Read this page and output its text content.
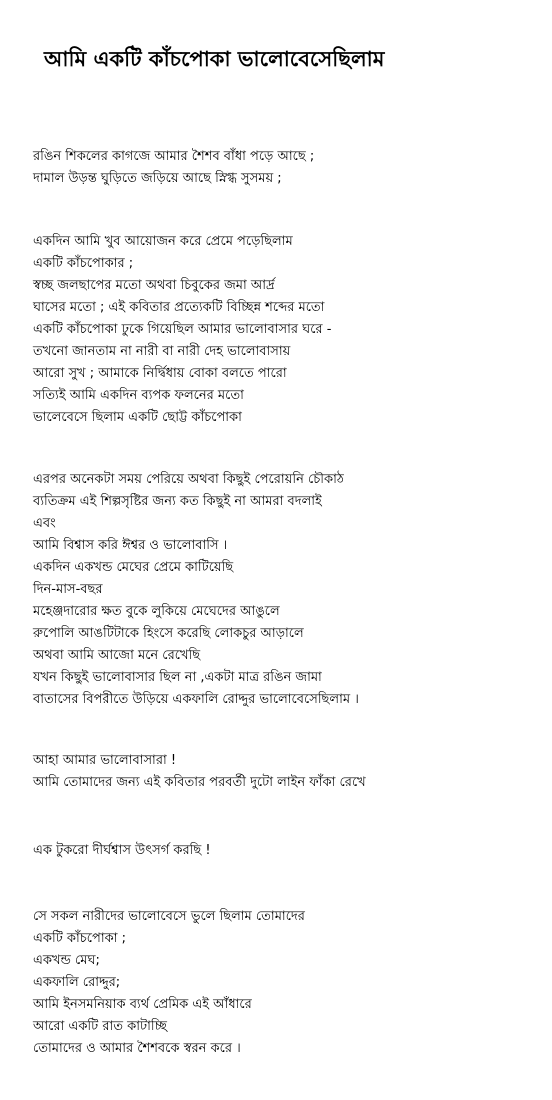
আমি একটি কাঁচপোকা ভালোবেসেছিলাম
রঙিন শিকলের কাগজে আমার শৈশব বাঁধা পড়ে আছে ;
দামাল উড়ন্ত ঘুড়িতে জড়িয়ে আছে স্নিগ্ধ সুসময় ;
একদিন আমি খুব আয়োজন করে প্রেমে পড়েছিলাম
একটি কাঁচপোকার ;
স্বচ্ছ জলছাপের মতো অথবা চিবুকের জমা আর্দ্র
ঘাসের মতো ; এই কবিতার প্রত্যেকটি বিচ্ছিন্ন শব্দের মতো
একটি কাঁচপোকা ঢুকে গিয়েছিল আমার ভালোবাসার ঘরে -
তখনো জানতাম না নারী বা নারী দেহ ভালোবাসায়
আরো সুখ ; আমাকে নির্দ্বিধায় বোকা বলতে পারো
সত্যিই আমি একদিন ব্যপক ফলনের মতো
ভালেবেসে ছিলাম একটি ছোট্ট কাঁচপোকা
এরপর অনেকটা সময় পেরিয়ে অথবা কিছুই পেরোয়নি চৌকাঠ
ব্যতিক্রম এই শিল্পসৃষ্টির জন্য কত কিছুই না আমরা বদলাই
এবং
আমি বিশ্বাস করি ঈশ্বর ও ভালোবাসি ।
একদিন একখন্ড মেঘের প্রেমে কাটিয়েছি
দিন-মাস-বছর
মহেঞ্জদারোর ক্ষত বুকে লুকিয়ে মেঘেদের আঙুলে
রুপোলি আঙটিটাকে হিংসে করেছি লোকচুর আড়ালে
অথবা আমি আজো মনে রেখেছি
যখন কিছুই ভালোবাসার ছিল না ,একটা মাত্র রঙিন জামা
বাতাসের বিপরীতে উড়িয়ে একফালি রোদ্দুর ভালোবেসেছিলাম ।
আহা আমার ভালোবাসারা !
আমি তোমাদের জন্য এই কবিতার পরবর্তী দুটো লাইন ফাঁকা রেখে
এক টুকরো দীর্ঘশ্বাস উৎসর্গ করছি !
সে সকল নারীদের ভালোবেসে ভুলে ছিলাম তোমাদের
একটি কাঁচপোকা ;
একখন্ড মেঘ;
একফালি রোদ্দুর;
আমি ইনসমনিয়াক ব্যর্থ প্রেমিক এই আঁধারে
আরো একটি রাত কাটাচ্ছি
তোমাদের ও আমার শৈশবকে স্বরন করে ।
